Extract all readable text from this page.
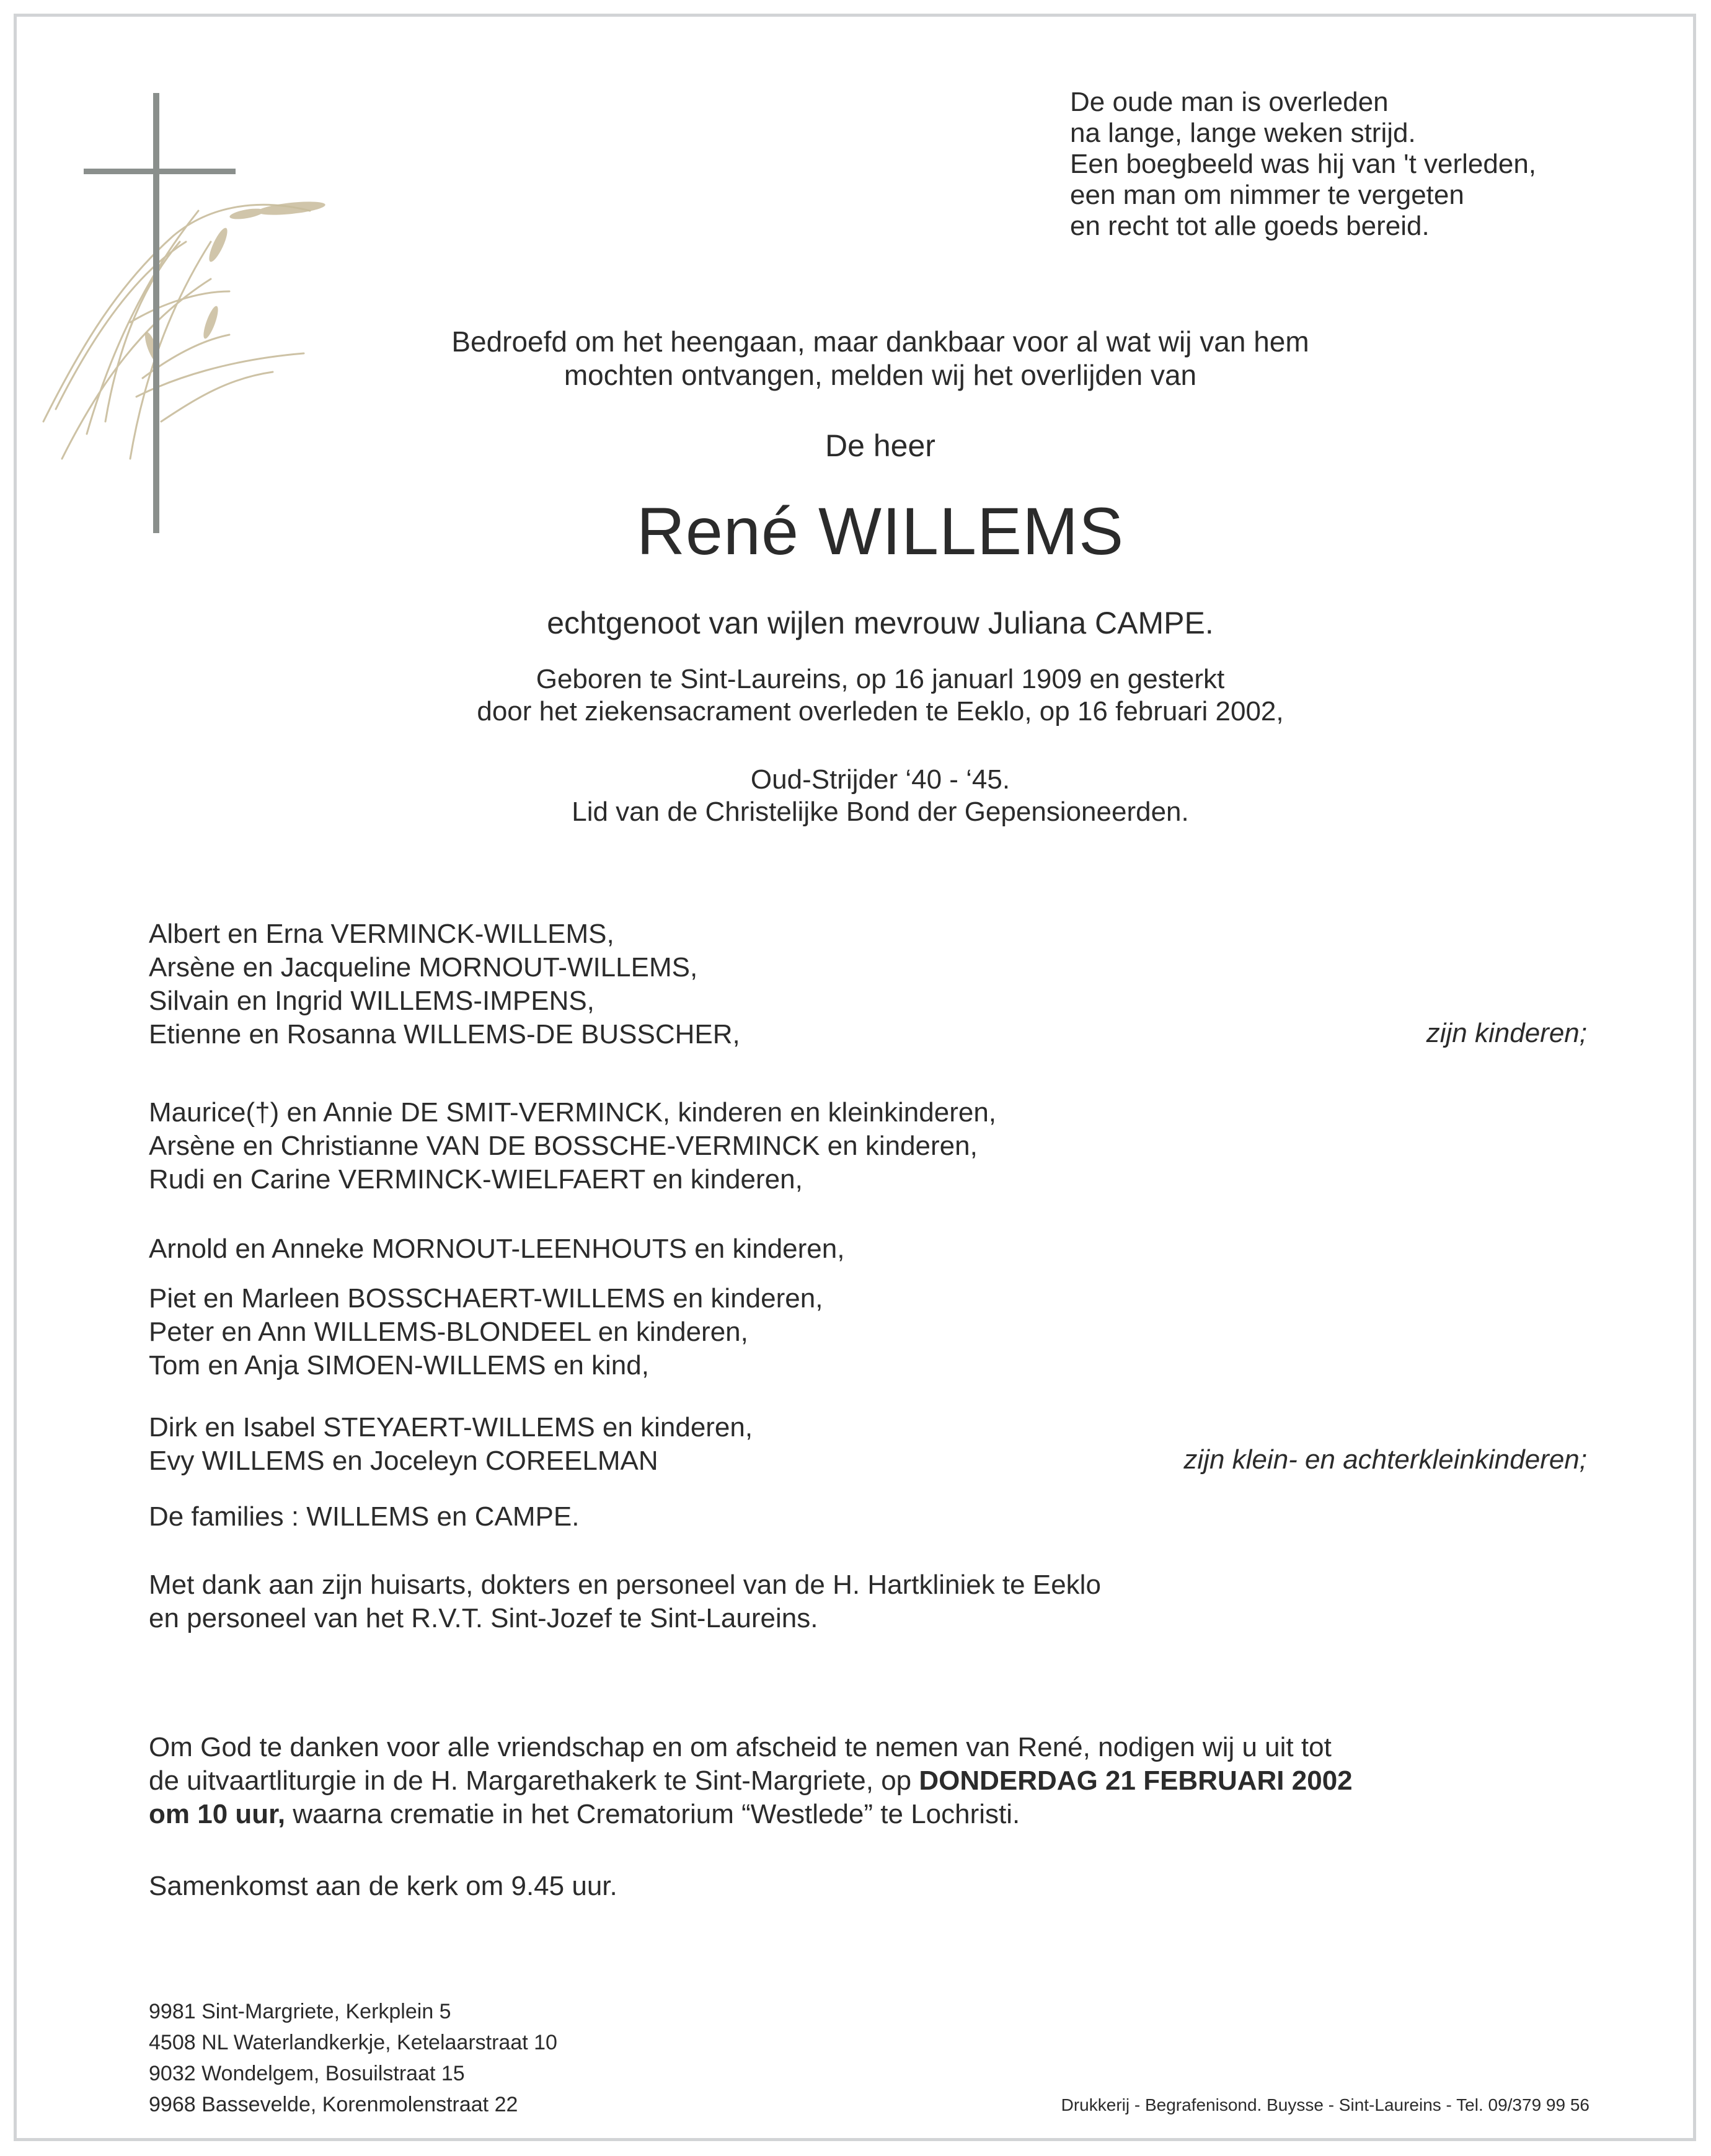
De oude man is overleden
na lange, lange weken strijd.
Een boegbeeld was hij van 't verleden,
een man om nimmer te vergeten
en recht tot alle goeds bereid.
Bedroefd om het heengaan, maar dankbaar voor al wat wij van hem
mochten ontvangen, melden wij het overlijden van
De heer
René WILLEMS
echtgenoot van wijlen mevrouw Juliana CAMPE.
Geboren te Sint-Laureins, op 16 januarl 1909 en gesterkt
door het ziekensacrament overleden te Eeklo, op 16 februari 2002,
Oud-Strijder ‘40 - ‘45.
Lid van de Christelijke Bond der Gepensioneerden.
Albert en Erna VERMINCK-WILLEMS,
Arsène en Jacqueline MORNOUT-WILLEMS,
Silvain en Ingrid WILLEMS-IMPENS,
Etienne en Rosanna WILLEMS-DE BUSSCHER,	zijn kinderen;
Maurice(†) en Annie DE SMIT-VERMINCK, kinderen en kleinkinderen,
Arsène en Christianne VAN DE BOSSCHE-VERMINCK en kinderen,
Rudi en Carine VERMINCK-WIELFAERT en kinderen,
Arnold en Anneke MORNOUT-LEENHOUTS en kinderen,
Piet en Marleen BOSSCHAERT-WILLEMS en kinderen,
Peter en Ann WILLEMS-BLONDEEL en kinderen,
Tom en Anja SIMOEN-WILLEMS en kind,
Dirk en Isabel STEYAERT-WILLEMS en kinderen,
Evy WILLEMS en Joceleyn COREELMAN	zijn klein- en achterkleinkinderen;
De families : WILLEMS en CAMPE.
Met dank aan zijn huisarts, dokters en personeel van de H. Hartkliniek te Eeklo
en personeel van het R.V.T. Sint-Jozef te Sint-Laureins.
Om God te danken voor alle vriendschap en om afscheid te nemen van René, nodigen wij u uit tot
de uitvaartliturgie in de H. Margarethakerk te Sint-Margriete, op DONDERDAG 21 FEBRUARI 2002
om 10 uur, waarna crematie in het Crematorium “Westlede” te Lochristi.
Samenkomst aan de kerk om 9.45 uur.
9981 Sint-Margriete, Kerkplein 5
4508 NL Waterlandkerkje, Ketelaarstraat 10
9032 Wondelgem, Bosuilstraat 15
9968 Bassevelde, Korenmolenstraat 22	Drukkerij - Begrafenisond. Buysse - Sint-Laureins - Tel. 09/379 99 56
